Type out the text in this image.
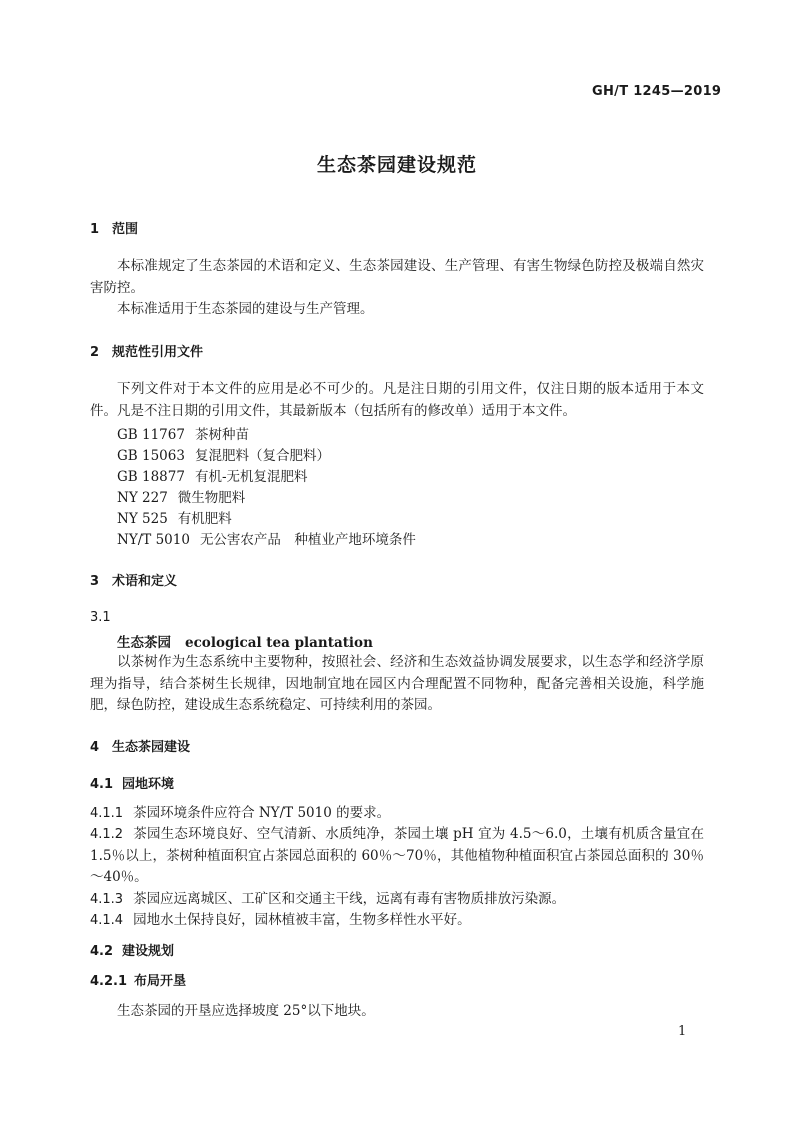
GH/T 1245—2019
生态茶园建设规范
1 范围
本标准规定了生态茶园的术语和定义、生态茶园建设、生产管理、有害生物绿色防控及极端自然灾害防控。
本标准适用于生态茶园的建设与生产管理。
2 规范性引用文件
下列文件对于本文件的应用是必不可少的。凡是注日期的引用文件，仅注日期的版本适用于本文件。凡是不注日期的引用文件，其最新版本（包括所有的修改单）适用于本文件。
GB 11767 茶树种苗
GB 15063 复混肥料（复合肥料）
GB 18877 有机-无机复混肥料
NY 227 微生物肥料
NY 525 有机肥料
NY/T 5010 无公害农产品　种植业产地环境条件
3 术语和定义
3.1
生态茶园 ecological tea plantation
以茶树作为生态系统中主要物种，按照社会、经济和生态效益协调发展要求，以生态学和经济学原理为指导，结合茶树生长规律，因地制宜地在园区内合理配置不同物种，配备完善相关设施，科学施肥，绿色防控，建设成生态系统稳定、可持续利用的茶园。
4 生态茶园建设
4.1 园地环境
4.1.1 茶园环境条件应符合 NY/T 5010 的要求。
4.1.2 茶园生态环境良好、空气清新、水质纯净，茶园土壤 pH 宜为 4.5～6.0，土壤有机质含量宜在 1.5％以上，茶树种植面积宜占茶园总面积的 60％～70％，其他植物种植面积宜占茶园总面积的 30％～40％。
4.1.3 茶园应远离城区、工矿区和交通主干线，远离有毒有害物质排放污染源。
4.1.4 园地水土保持良好，园林植被丰富，生物多样性水平好。
4.2 建设规划
4.2.1 布局开垦
生态茶园的开垦应选择坡度 25°以下地块。
1
